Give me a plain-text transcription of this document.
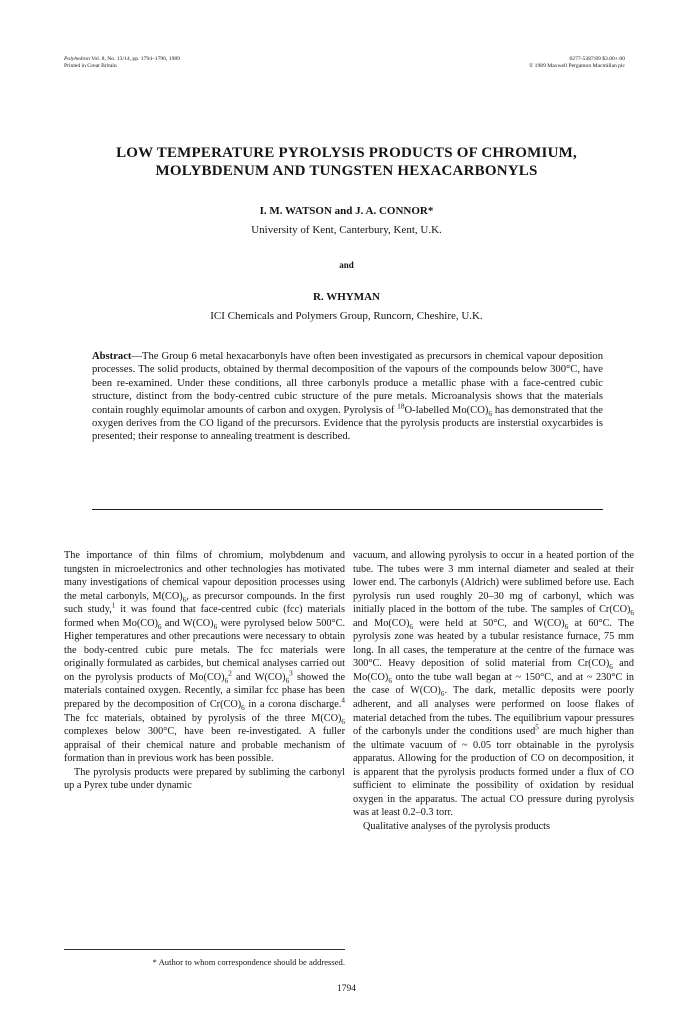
Polyhedron Vol. 8, No. 13/14, pp. 1794–1796, 1989
Printed in Great Britain
0277-5387/89 $3.00+.00
© 1989 Maxwell Pergamon Macmillan plc
LOW TEMPERATURE PYROLYSIS PRODUCTS OF CHROMIUM,
MOLYBDENUM AND TUNGSTEN HEXACARBONYLS
I. M. WATSON and J. A. CONNOR*
University of Kent, Canterbury, Kent, U.K.
and
R. WHYMAN
ICI Chemicals and Polymers Group, Runcorn, Cheshire, U.K.
Abstract—The Group 6 metal hexacarbonyls have often been investigated as precursors in chemical vapour deposition processes. The solid products, obtained by thermal decomposition of the vapours of the compounds below 300°C, have been re-examined. Under these conditions, all three carbonyls produce a metallic phase with a face-centred cubic structure, distinct from the body-centred cubic structure of the pure metals. Microanalysis shows that the materials contain roughly equimolar amounts of carbon and oxygen. Pyrolysis of $^{18}$O-labelled $Mo(CO)_6$ has demonstrated that the oxygen derives from the CO ligand of the precursors. Evidence that the pyrolysis products are insterstial oxycarbides is presented; their response to annealing treatment is described.

The importance of thin films of chromium, molybdenum and tungsten in microelectronics and other technologies has motivated many investigations of chemical vapour deposition processes using the metal carbonyls, $M(CO)_6$, as precursor compounds. In the first such study,$^1$ it was found that face-centred cubic (fcc) materials formed when $Mo(CO)_6$ and $W(CO)_6$ were pyrolysed below 500°C. Higher temperatures and other precautions were necessary to obtain the body-centred cubic pure metals. The fcc materials were originally formulated as carbides, but chemical analyses carried out on the pyrolysis products of $Mo(CO)_6^2$ and $W(CO)_6^3$ showed the materials contained oxygen. Recently, a similar fcc phase has been prepared by the decomposition of $Cr(CO)_6$ in a corona discharge.$^4$ The fcc materials, obtained by pyrolysis of the three $M(CO)_6$ complexes below 300°C, have been re-investigated. A fuller appraisal of their chemical nature and probable mechanism of formation than in previous work has been possible.

The pyrolysis products were prepared by subliming the carbonyl up a Pyrex tube under dynamic

* Author to whom correspondence should be addressed.

vacuum, and allowing pyrolysis to occur in a heated portion of the tube. The tubes were 3 mm internal diameter and sealed at their lower end. The carbonyls (Aldrich) were sublimed before use. Each pyrolysis run used roughly 20–30 mg of carbonyl, which was initially placed in the bottom of the tube. The samples of $Cr(CO)_6$ and $Mo(CO)_6$ were held at 50°C, and $W(CO)_6$ at 60°C. The pyrolysis zone was heated by a tubular resistance furnace, 75 mm long. In all cases, the temperature at the centre of the furnace was 300°C. Heavy deposition of solid material from $Cr(CO)_6$ and $Mo(CO)_6$ onto the tube wall began at ~ 150°C, and at ~ 230°C in the case of $W(CO)_6$. The dark, metallic deposits were poorly adherent, and all analyses were performed on loose flakes of material detached from the tubes. The equilibrium vapour pressures of the carbonyls under the conditions used$^5$ are much higher than the ultimate vacuum of ~ 0.05 torr obtainable in the pyrolysis apparatus. Allowing for the production of CO on decomposition, it is apparent that the pyrolysis products formed under a flux of CO sufficient to eliminate the possibility of oxidation by residual oxygen in the apparatus. The actual CO pressure during pyrolysis was at least 0.2–0.3 torr.

Qualitative analyses of the pyrolysis products

1794
